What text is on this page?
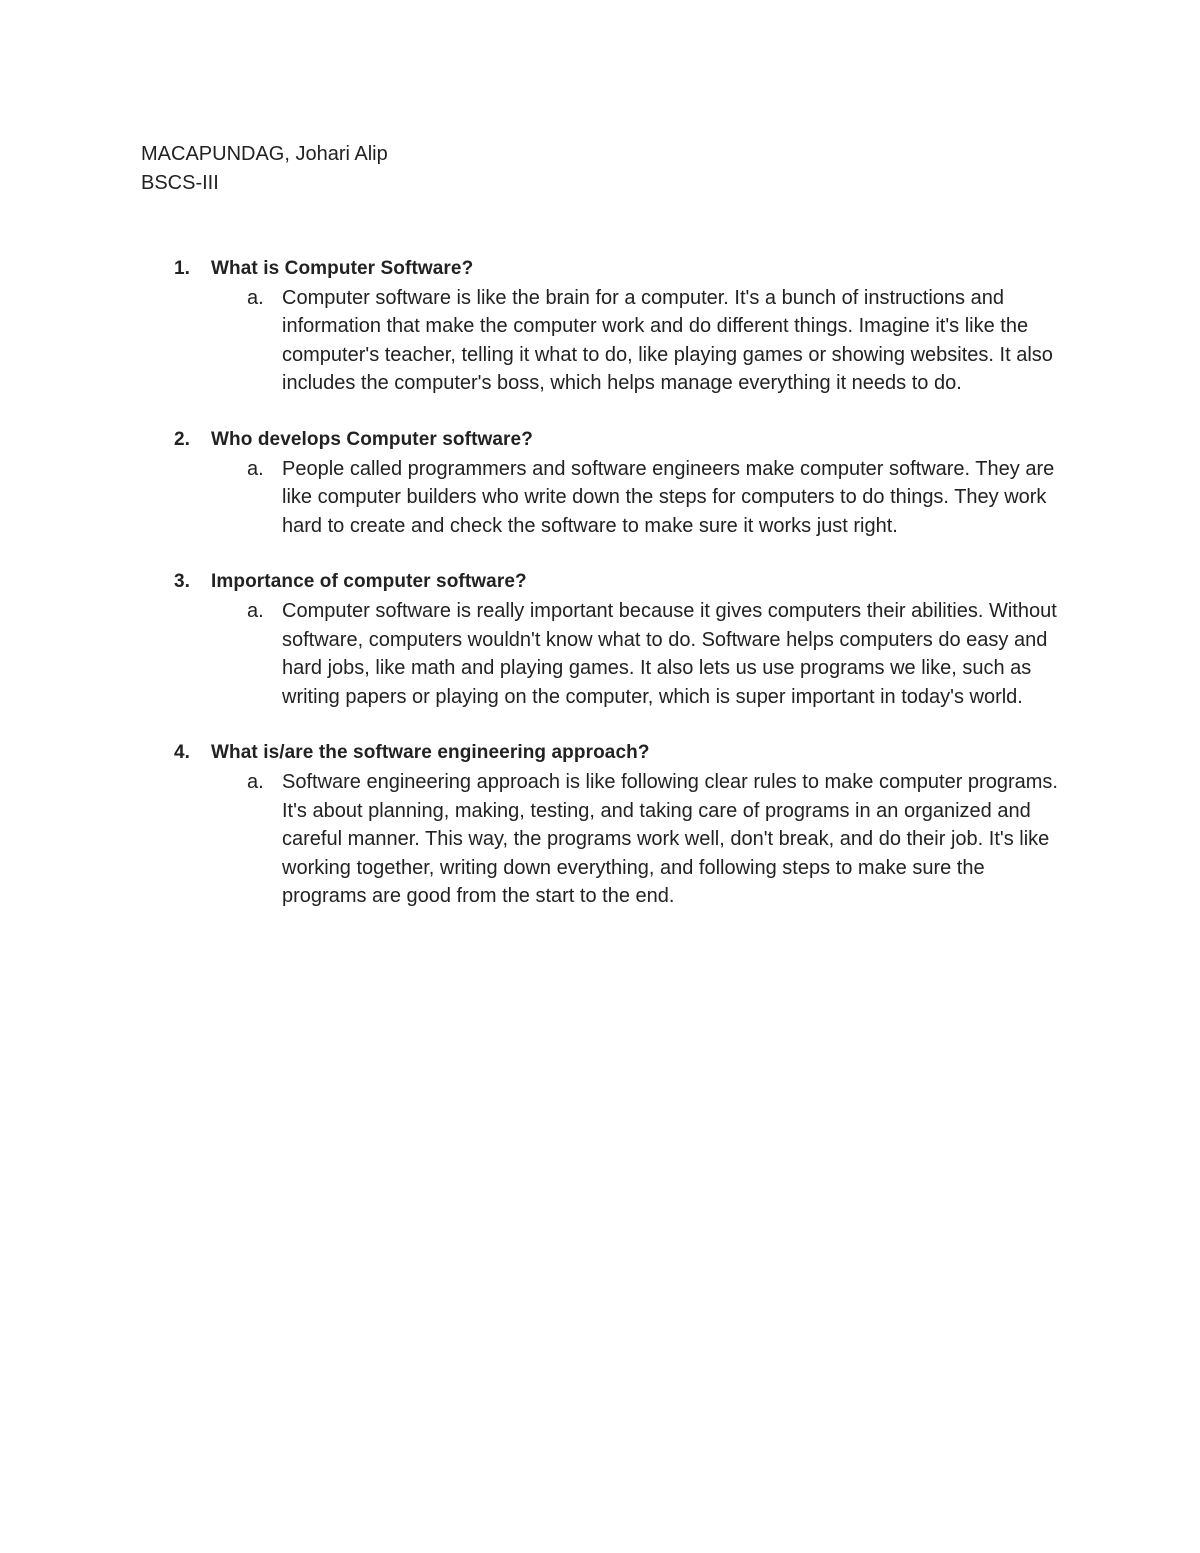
MACAPUNDAG, Johari Alip
BSCS-III
1. What is Computer Software?
a. Computer software is like the brain for a computer. It's a bunch of instructions and information that make the computer work and do different things. Imagine it's like the computer's teacher, telling it what to do, like playing games or showing websites. It also includes the computer's boss, which helps manage everything it needs to do.
2. Who develops Computer software?
a. People called programmers and software engineers make computer software. They are like computer builders who write down the steps for computers to do things. They work hard to create and check the software to make sure it works just right.
3. Importance of computer software?
a. Computer software is really important because it gives computers their abilities. Without software, computers wouldn't know what to do. Software helps computers do easy and hard jobs, like math and playing games. It also lets us use programs we like, such as writing papers or playing on the computer, which is super important in today's world.
4. What is/are the software engineering approach?
a. Software engineering approach is like following clear rules to make computer programs. It's about planning, making, testing, and taking care of programs in an organized and careful manner. This way, the programs work well, don't break, and do their job. It's like working together, writing down everything, and following steps to make sure the programs are good from the start to the end.
